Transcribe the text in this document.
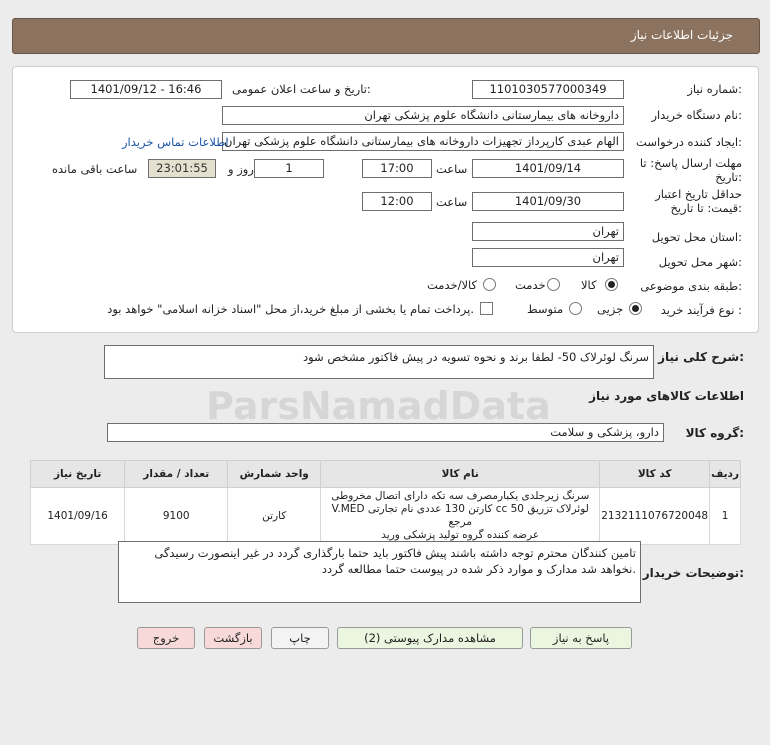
جزئیات اطلاعات نیاز
شماره نیاز:
1101030577000349
تاریخ و ساعت اعلان عمومی:
1401/09/12 - 16:46
نام دستگاه خریدار:
داروخانه های بیمارستانی دانشگاه علوم پزشکی تهران
ایجاد کننده درخواست:
الهام عبدی کارپرداز تجهیزات داروخانه های بیمارستانی دانشگاه علوم پزشکی تهران
اطلاعات تماس خریدار
مهلت ارسال پاسخ: تا
تاریخ:
1401/09/14
ساعت
17:00
1
روز و
23:01:55
ساعت باقی مانده
حداقل تاریخ اعتبار
قیمت: تا تاریخ:
1401/09/30
ساعت
12:00
استان محل تحویل:
تهران
شهر محل تحویل:
تهران
طبقه بندی موضوعی:
کالا
خدمت
کالا/خدمت
نوع فرآیند خرید :
جزیی
متوسط
پرداخت تمام یا بخشی از مبلغ خرید،از محل "اسناد خزانه اسلامی" خواهد بود.
شرح کلی نیاز:
سرنگ لوئرلاک 50- لطفا برند و نحوه تسویه در پیش فاکتور مشخص شود
اطلاعات کالاهای مورد نیاز
گروه کالا:
دارو، پزشکی و سلامت
ردیف	کد کالا	نام کالا	واحد شمارش	تعداد / مقدار	تاریخ نیاز
1	2132111076720048	سرنگ زیرجلدی یکبارمصرف سه تکه دارای اتصال مخروطی
لوئرلاک تزریق cc 50 کارتن 130 عددی نام تجارتی V.MED مرجع
عرضه کننده گروه تولید پزشکی ورید	کارتن	9100	1401/09/16
توضیحات خریدار:
تامین کنندگان محترم توجه داشته باشند پیش فاکتور باید حتما بارگذاری گردد در غیر اینصورت رسیدگی
نخواهد شد مدارک و موارد ذکر شده در پیوست حتما مطالعه گردد.
پاسخ به نیاز
مشاهده مدارک پیوستی (2)
چاپ
بازگشت
خروج
ParsNamadData
